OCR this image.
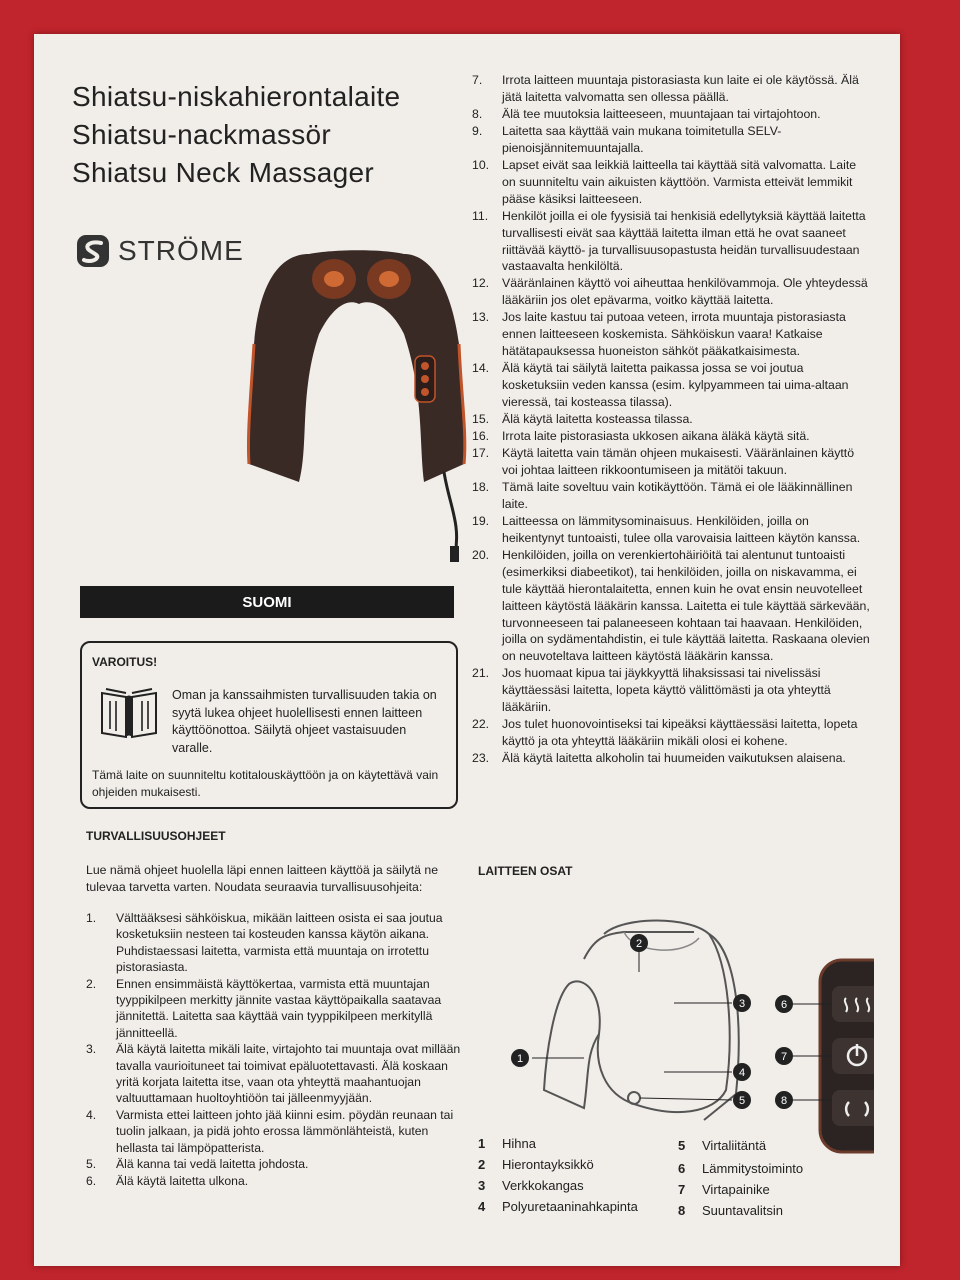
Shiatsu-niskahierontalaite
Shiatsu-nackmassör
Shiatsu Neck Massager
STRÖME
SUOMI
VAROITUS!
Oman ja kanssaihmisten turvallisuuden takia on syytä lukea ohjeet huolellisesti ennen laitteen käyttöönottoa. Säilytä ohjeet vastaisuuden varalle.
Tämä laite on suunniteltu kotitalouskäyttöön ja on käytettävä vain ohjeiden mukaisesti.
TURVALLISUUSOHJEET
Lue nämä ohjeet huolella läpi ennen laitteen käyttöä ja säilytä ne tulevaa tarvetta varten. Noudata seuraavia turvallisuusohjeita:
1. Välttääksesi sähköiskua, mikään laitteen osista ei saa joutua kosketuksiin nesteen tai kosteuden kanssa käytön aikana. Puhdistaessasi laitetta, varmista että muuntaja on irrotettu pistorasiasta.
2. Ennen ensimmäistä käyttökertaa, varmista että muuntajan tyyppikilpeen merkitty jännite vastaa käyttöpaikalla saatavaa jännitettä. Laitetta saa käyttää vain tyyppikilpeen merkityllä jännitteellä.
3. Älä käytä laitetta mikäli laite, virtajohto tai muuntaja ovat millään tavalla vaurioituneet tai toimivat epäluotettavasti. Älä koskaan yritä korjata laitetta itse, vaan ota yhteyttä maahantuojan valtuuttamaan huoltoyhtiöön tai jälleenmyyjään.
4. Varmista ettei laitteen johto jää kiinni esim. pöydän reunaan tai tuolin jalkaan, ja pidä johto erossa lämmönlähteistä, kuten hellasta tai lämpöpatterista.
5. Älä kanna tai vedä laitetta johdosta.
6. Älä käytä laitetta ulkona.
7. Irrota laitteen muuntaja pistorasiasta kun laite ei ole käytössä. Älä jätä laitetta valvomatta sen ollessa päällä.
8. Älä tee muutoksia laitteeseen, muuntajaan tai virtajohtoon.
9. Laitetta saa käyttää vain mukana toimitetulla SELV-pienoisjännitemuuntajalla.
10. Lapset eivät saa leikkiä laitteella tai käyttää sitä valvomatta. Laite on suunniteltu vain aikuisten käyttöön. Varmista etteivät lemmikit pääse käsiksi laitteeseen.
11. Henkilöt joilla ei ole fyysisiä tai henkisiä edellytyksiä käyttää laitetta turvallisesti eivät saa käyttää laitetta ilman että he ovat saaneet riittävää käyttö- ja turvallisuusopastusta heidän turvallisuudestaan vastaavalta henkilöltä.
12. Vääränlainen käyttö voi aiheuttaa henkilövammoja. Ole yhteydessä lääkäriin jos olet epävarma, voitko käyttää laitetta.
13. Jos laite kastuu tai putoaa veteen, irrota muuntaja pistorasiasta ennen laitteeseen koskemista. Sähköiskun vaara! Katkaise hätätapauksessa huoneiston sähköt pääkatkaisimesta.
14. Älä käytä tai säilytä laitetta paikassa jossa se voi joutua kosketuksiin veden kanssa (esim. kylpyammeen tai uima-altaan vieressä, tai kosteassa tilassa).
15. Älä käytä laitetta kosteassa tilassa.
16. Irrota laite pistorasiasta ukkosen aikana äläkä käytä sitä.
17. Käytä laitetta vain tämän ohjeen mukaisesti. Vääränlainen käyttö voi johtaa laitteen rikkoontumiseen ja mitätöi takuun.
18. Tämä laite soveltuu vain kotikäyttöön. Tämä ei ole lääkinnällinen laite.
19. Laitteessa on lämmitysominaisuus. Henkilöiden, joilla on heikentynyt tuntoaisti, tulee olla varovaisia laitteen käytön kanssa.
20. Henkilöiden, joilla on verenkiertohäiriöitä tai alentunut tuntoaisti (esimerkiksi diabeetikot), tai henkilöiden, joilla on niskavamma, ei tule käyttää hierontalaitetta, ennen kuin he ovat ensin neuvotelleet laitteen käytöstä lääkärin kanssa. Laitetta ei tule käyttää särkevään, turvonneeseen tai palaneeseen kohtaan tai haavaan. Henkilöiden, joilla on sydämentahdistin, ei tule käyttää laitetta. Raskaana olevien on neuvoteltava laitteen käytöstä lääkärin kanssa.
21. Jos huomaat kipua tai jäykkyyttä lihaksissasi tai nivelissäsi käyttäessäsi laitetta, lopeta käyttö välittömästi ja ota yhteyttä lääkäriin.
22. Jos tulet huonovointiseksi tai kipeäksi käyttäessäsi laitetta, lopeta käyttö ja ota yhteyttä lääkäriin mikäli olosi ei kohene.
23. Älä käytä laitetta alkoholin tai huumeiden vaikutuksen alaisena.
LAITTEEN OSAT
1
2
3
4
5
6
7
8
1 Hihna
2 Hierontayksikkö
3 Verkkokangas
4 Polyuretaaninahkapinta
5 Virtaliitäntä
6 Lämmitystoiminto
7 Virtapainike
8 Suuntavalitsin
